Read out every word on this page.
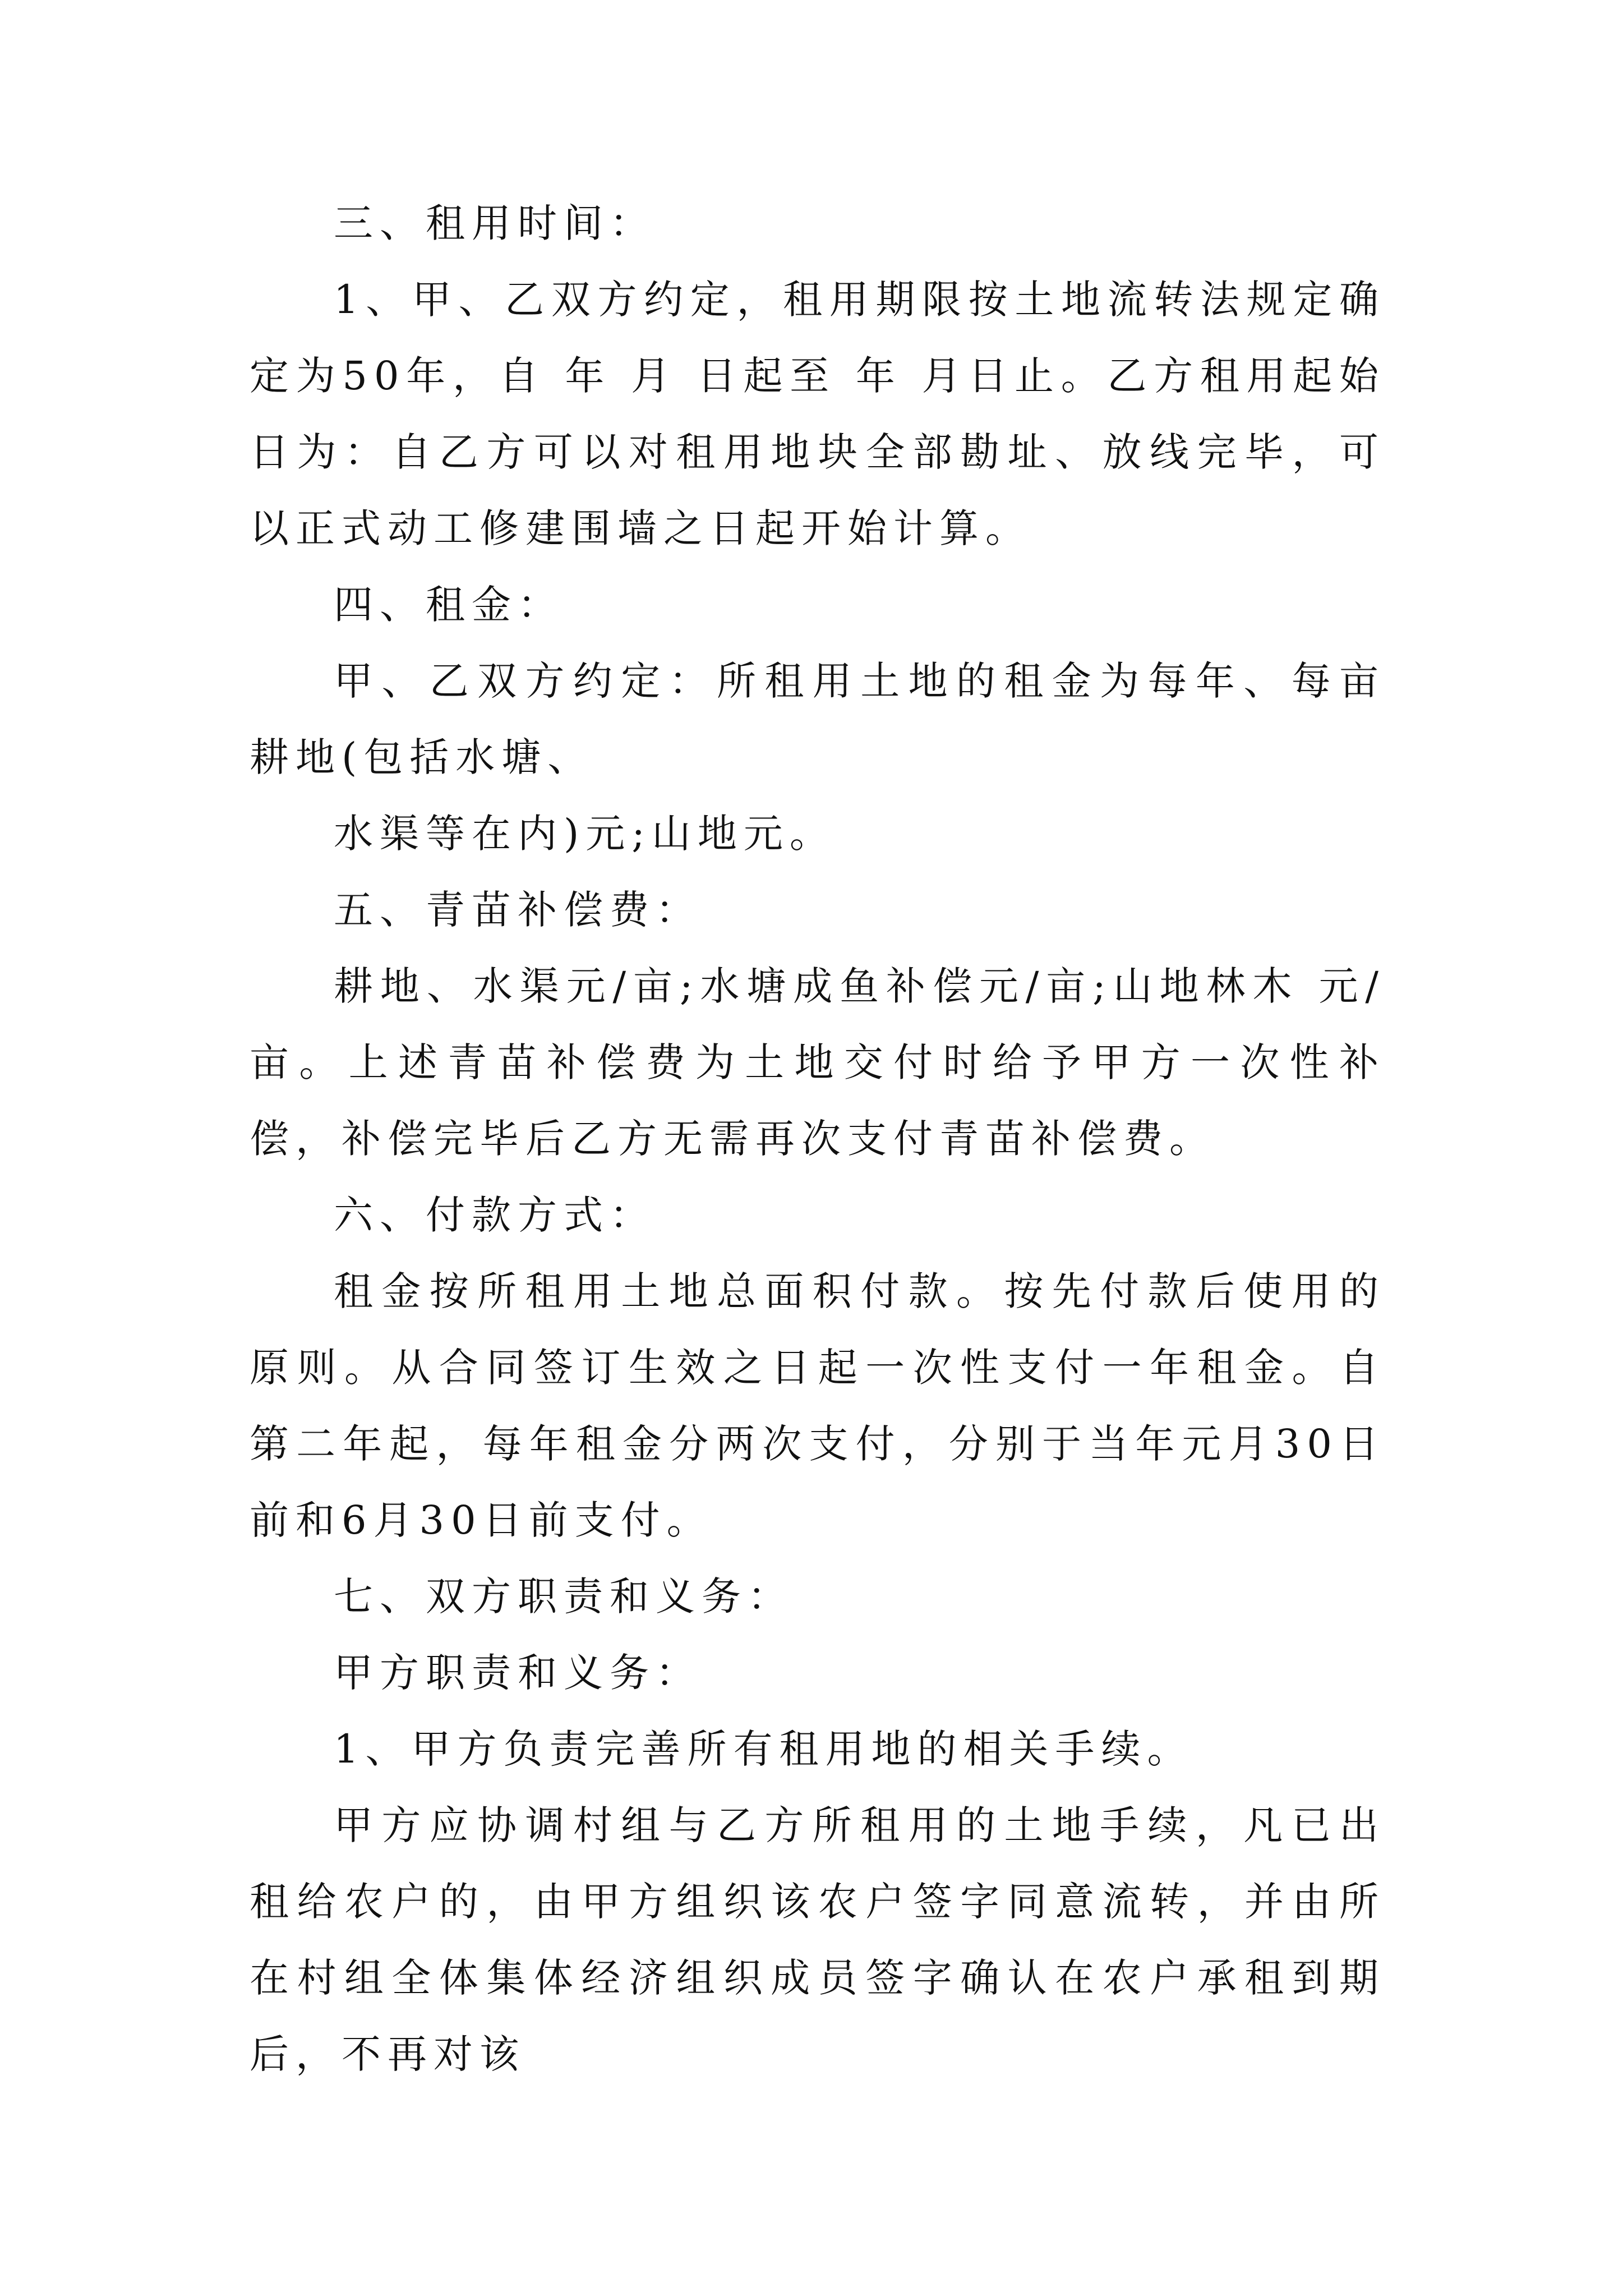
三、租用时间：

1、甲、乙双方约定，租用期限按土地流转法规定确定为50年，自 年 月 日起至 年 月日止。乙方租用起始日为：自乙方可以对租用地块全部勘址、放线完毕，可以正式动工修建围墙之日起开始计算。

四、租金：

甲、乙双方约定：所租用土地的租金为每年、每亩耕地(包括水塘、

水渠等在内)元;山地元。

五、青苗补偿费：

耕地、水渠元/亩;水塘成鱼补偿元/亩;山地林木 元/亩。上述青苗补偿费为土地交付时给予甲方一次性补偿，补偿完毕后乙方无需再次支付青苗补偿费。

六、付款方式：

租金按所租用土地总面积付款。按先付款后使用的原则。从合同签订生效之日起一次性支付一年租金。自第二年起，每年租金分两次支付，分别于当年元月30日前和6月30日前支付。

七、双方职责和义务：

甲方职责和义务：

1、甲方负责完善所有租用地的相关手续。

甲方应协调村组与乙方所租用的土地手续，凡已出租给农户的，由甲方组织该农户签字同意流转，并由所在村组全体集体经济组织成员签字确认在农户承租到期后，不再对该
